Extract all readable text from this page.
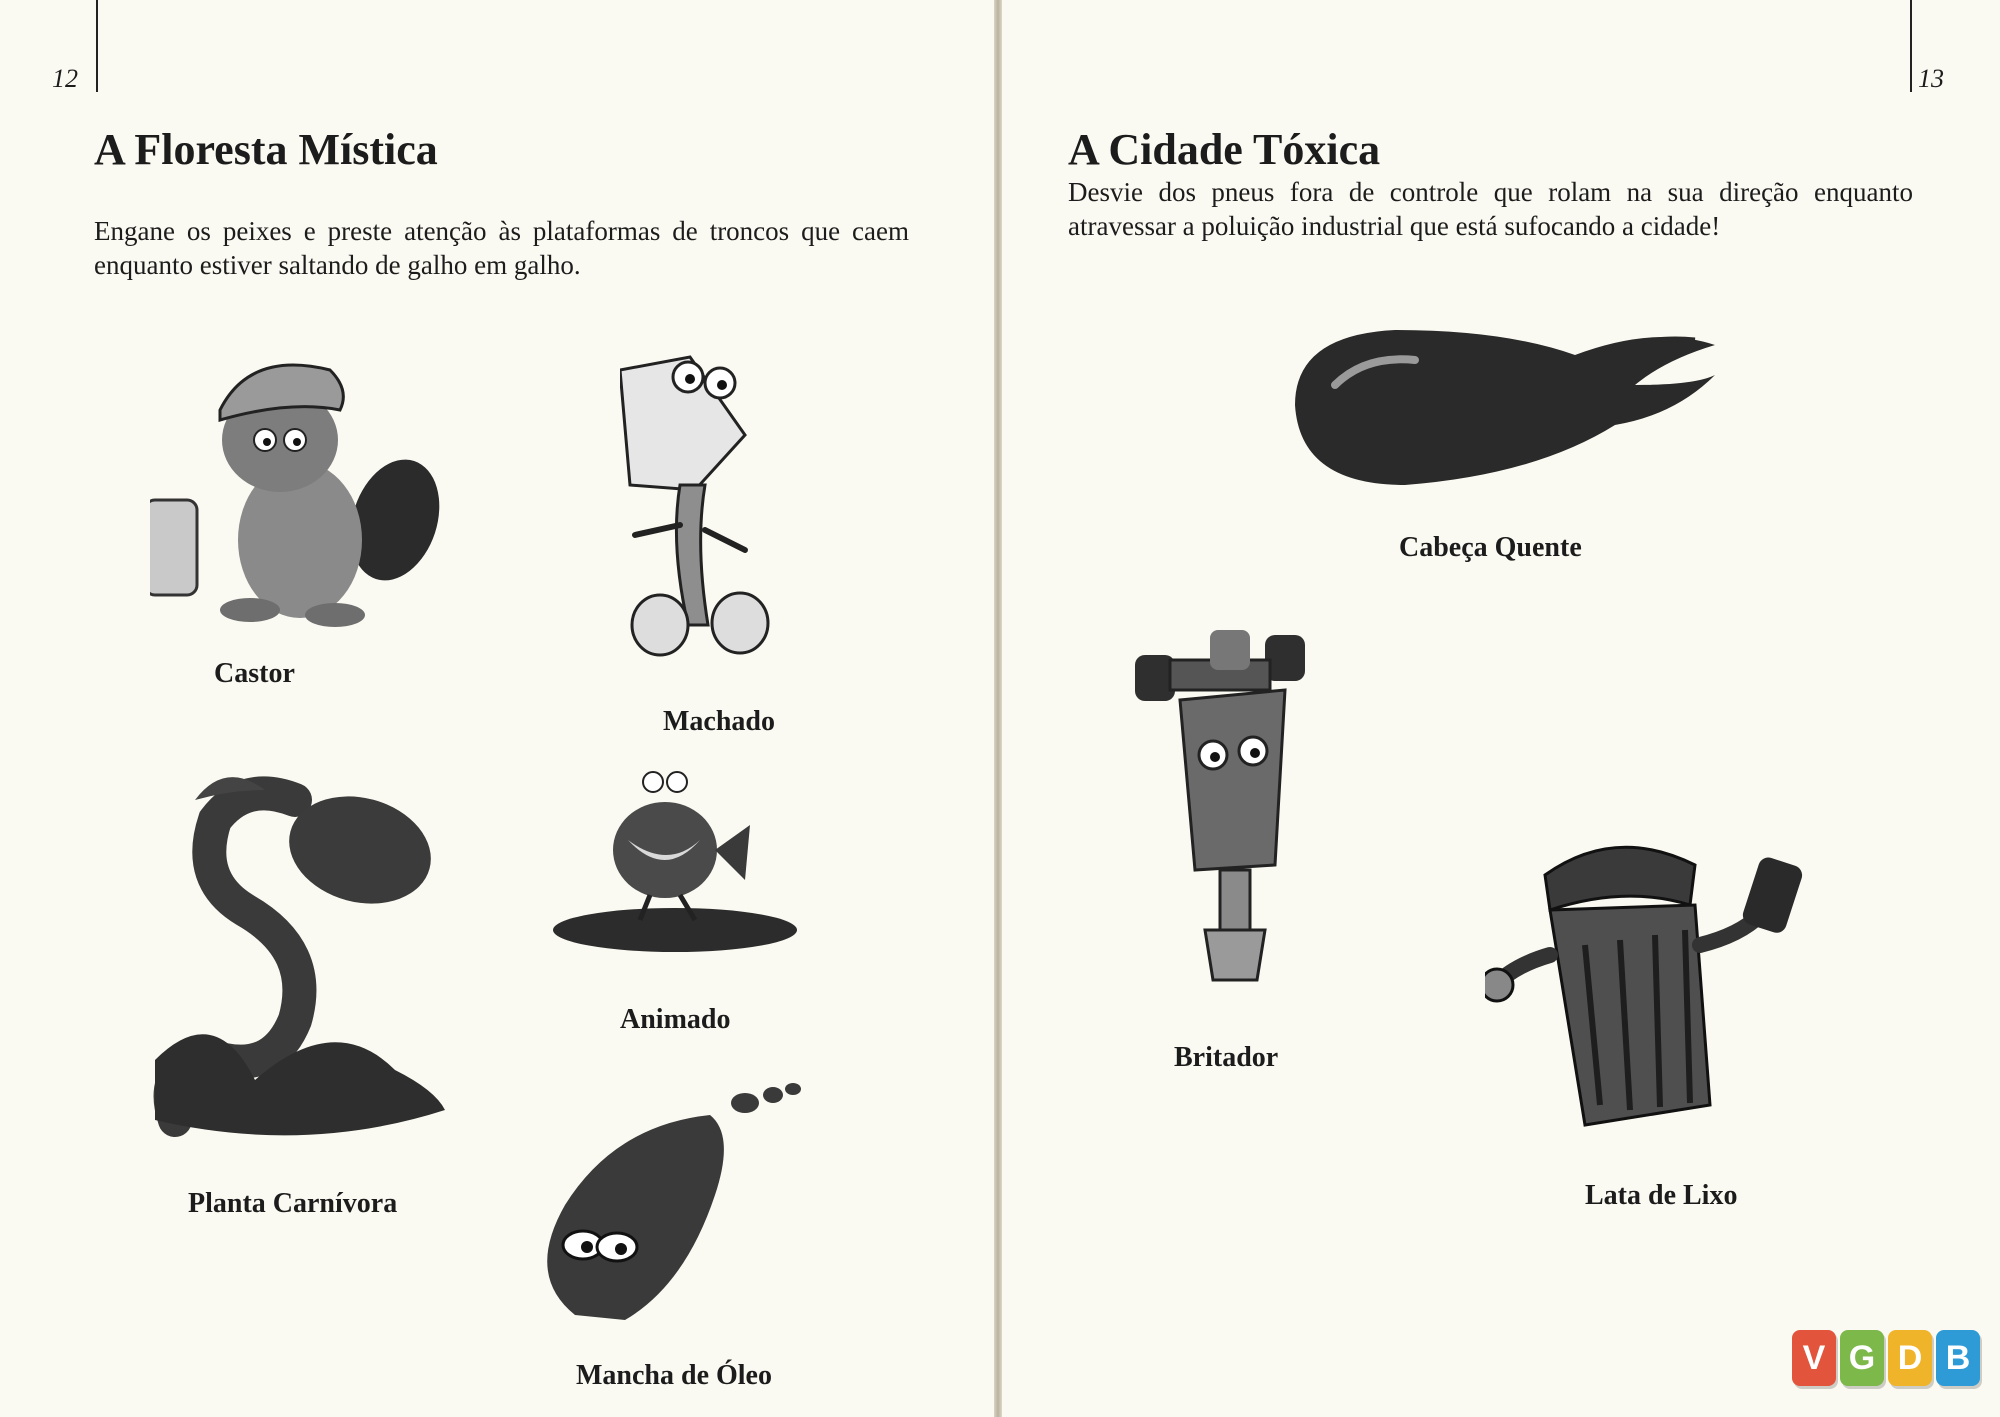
12
A Floresta Mística
Engane os peixes e preste atenção às plataformas de troncos que caem enquanto estiver saltando de galho em galho.
Castor
Machado
Animado
Planta Carnívora
Mancha de Óleo
13
A Cidade Tóxica
Desvie dos pneus fora de controle que rolam na sua direção enquanto atravessar a poluição industrial que está sufocando a cidade!
Cabeça Quente
Britador
Lata de Lixo
V G D B
